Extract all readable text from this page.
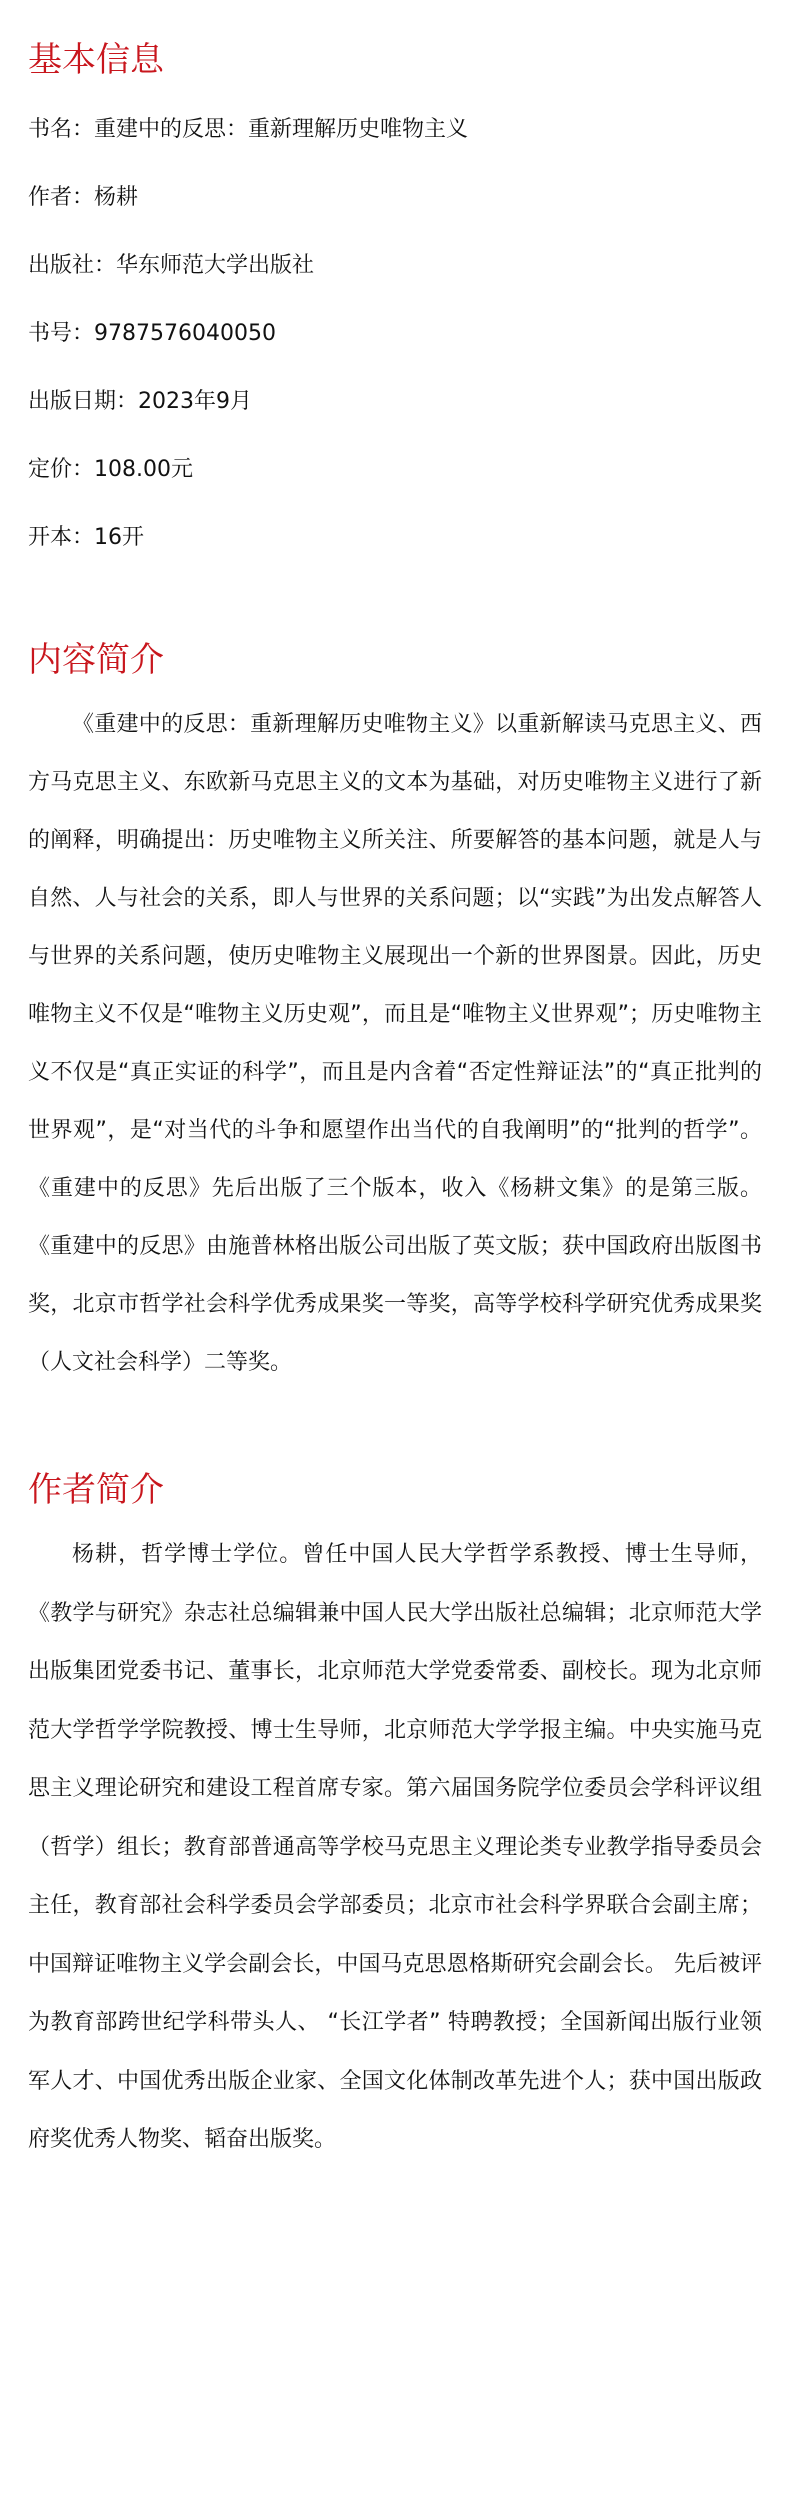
基本信息

书名：重建中的反思：重新理解历史唯物主义

作者：杨耕

出版社：华东师范大学出版社

书号：9787576040050

出版日期：2023年9月

定价：108.00元

开本：16开

内容简介

《重建中的反思：重新理解历史唯物主义》以重新解读马克思主义、西方马克思主义、东欧新马克思主义的文本为基础，对历史唯物主义进行了新的阐释，明确提出：历史唯物主义所关注、所要解答的基本问题，就是人与自然、人与社会的关系，即人与世界的关系问题；以“实践”为出发点解答人与世界的关系问题，使历史唯物主义展现出一个新的世界图景。因此，历史唯物主义不仅是“唯物主义历史观”，而且是“唯物主义世界观”；历史唯物主义不仅是“真正实证的科学”，而且是内含着“否定性辩证法”的“真正批判的世界观”，是“对当代的斗争和愿望作出当代的自我阐明”的“批判的哲学”。《重建中的反思》先后出版了三个版本，收入《杨耕文集》的是第三版。《重建中的反思》由施普林格出版公司出版了英文版；获中国政府出版图书奖，北京市哲学社会科学优秀成果奖一等奖，高等学校科学研究优秀成果奖（人文社会科学）二等奖。

作者简介

杨耕，哲学博士学位。曾任中国人民大学哲学系教授、博士生导师，《教学与研究》杂志社总编辑兼中国人民大学出版社总编辑；北京师范大学出版集团党委书记、董事长，北京师范大学党委常委、副校长。现为北京师范大学哲学学院教授、博士生导师，北京师范大学学报主编。中央实施马克思主义理论研究和建设工程首席专家。第六届国务院学位委员会学科评议组（哲学）组长；教育部普通高等学校马克思主义理论类专业教学指导委员会主任，教育部社会科学委员会学部委员；北京市社会科学界联合会副主席；中国辩证唯物主义学会副会长，中国马克思恩格斯研究会副会长。 先后被评为教育部跨世纪学科带头人、 “长江学者” 特聘教授；全国新闻出版行业领军人才、中国优秀出版企业家、全国文化体制改革先进个人；获中国出版政府奖优秀人物奖、韬奋出版奖。
